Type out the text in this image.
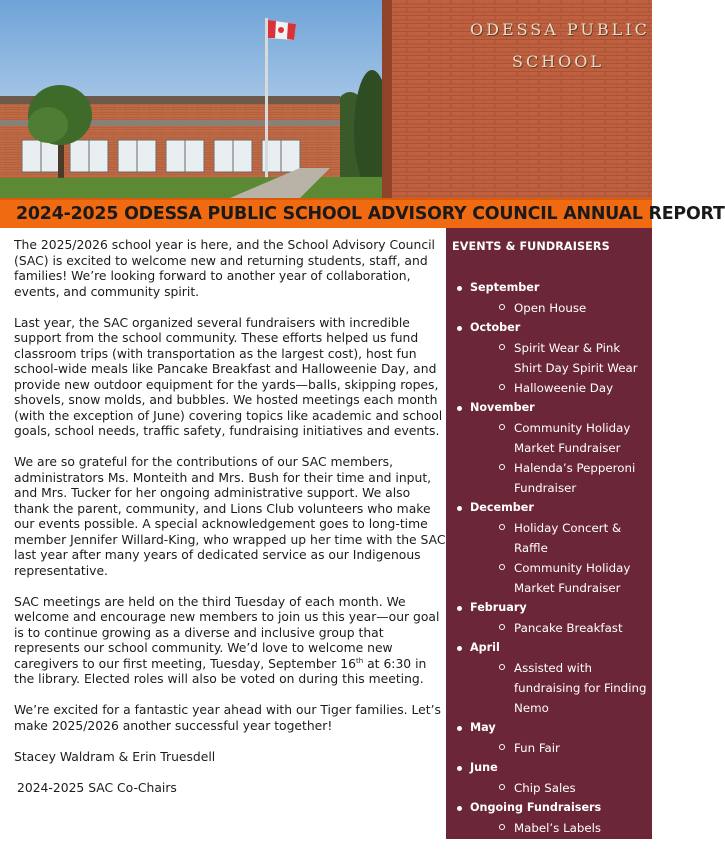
ODESSA PUBLIC
SCHOOL
2024-2025 ODESSA PUBLIC SCHOOL ADVISORY COUNCIL ANNUAL REPORT

The 2025/2026 school year is here, and the School Advisory Council (SAC) is excited to welcome new and returning students, staff, and families! We’re looking forward to another year of collaboration, events, and community spirit.

Last year, the SAC organized several fundraisers with incredible support from the school community. These efforts helped us fund classroom trips (with transportation as the largest cost), host fun school-wide meals like Pancake Breakfast and Halloweenie Day, and provide new outdoor equipment for the yards—balls, skipping ropes, shovels, snow molds, and bubbles. We hosted meetings each month (with the exception of June) covering topics like academic and school goals, school needs, traffic safety, fundraising initiatives and events.

We are so grateful for the contributions of our SAC members, administrators Ms. Monteith and Mrs. Bush for their time and input, and Mrs. Tucker for her ongoing administrative support. We also thank the parent, community, and Lions Club volunteers who make our events possible. A special acknowledgement goes to long-time member Jennifer Willard-King, who wrapped up her time with the SAC last year after many years of dedicated service as our Indigenous representative.

SAC meetings are held on the third Tuesday of each month. We welcome and encourage new members to join us this year—our goal is to continue growing as a diverse and inclusive group that represents our school community. We’d love to welcome new caregivers to our first meeting, Tuesday, September 16th at 6:30 in the library. Elected roles will also be voted on during this meeting.

We’re excited for a fantastic year ahead with our Tiger families. Let’s make 2025/2026 another successful year together!

Stacey Waldram & Erin Truesdell

2024-2025 SAC Co-Chairs

EVENTS & FUNDRAISERS
September
Open House
October
Spirit Wear & Pink Shirt Day Spirit Wear
Halloweenie Day
November
Community Holiday Market Fundraiser
Halenda’s Pepperoni Fundraiser
December
Holiday Concert & Raffle
Community Holiday Market Fundraiser
February
Pancake Breakfast
April
Assisted with fundraising for Finding Nemo
May
Fun Fair
June
Chip Sales
Ongoing Fundraisers
Mabel’s Labels
Flipgive
